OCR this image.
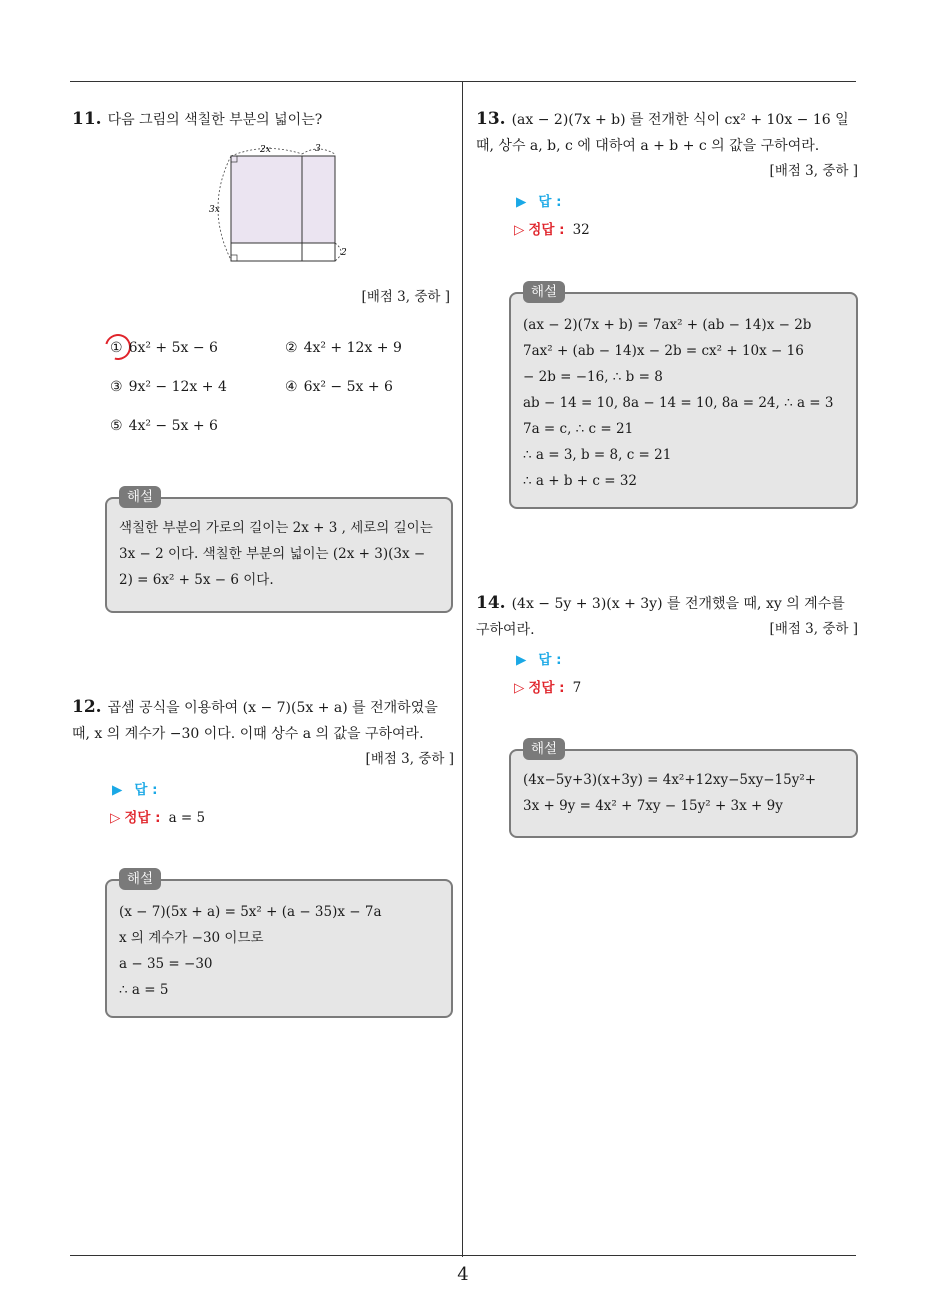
11. 다음 그림의 색칠한 부분의 넓이는?
2x	3
3x
2
[배점 3, 중하 ]
① 6x² + 5x − 6	② 4x² + 12x + 9
③ 9x² − 12x + 4	④ 6x² − 5x + 6
⑤ 4x² − 5x + 6
해설
색칠한 부분의 가로의 길이는 2x + 3 , 세로의 길이는 3x − 2 이다. 색칠한 부분의 넓이는 (2x + 3)(3x − 2) = 6x² + 5x − 6 이다.
12. 곱셈 공식을 이용하여 (x − 7)(5x + a) 를 전개하였을 때, x 의 계수가 −30 이다. 이때 상수 a 의 값을 구하여라.
[배점 3, 중하 ]
▶ 답 :
▷ 정답 : a = 5
해설
(x − 7)(5x + a) = 5x² + (a − 35)x − 7a
x 의 계수가 −30 이므로
a − 35 = −30
∴ a = 5
13. (ax − 2)(7x + b) 를 전개한 식이 cx² + 10x − 16 일 때, 상수 a, b, c 에 대하여 a + b + c 의 값을 구하여라.
[배점 3, 중하 ]
▶ 답 :
▷ 정답 : 32
해설
(ax − 2)(7x + b) = 7ax² + (ab − 14)x − 2b
7ax² + (ab − 14)x − 2b = cx² + 10x − 16
− 2b = −16, ∴ b = 8
ab − 14 = 10, 8a − 14 = 10, 8a = 24, ∴ a = 3
7a = c, ∴ c = 21
∴ a = 3, b = 8, c = 21
∴ a + b + c = 32
14. (4x − 5y + 3)(x + 3y) 를 전개했을 때, xy 의 계수를 구하여라.	[배점 3, 중하 ]
▶ 답 :
▷ 정답 : 7
해설
(4x−5y+3)(x+3y) = 4x²+12xy−5xy−15y²+
3x + 9y = 4x² + 7xy − 15y² + 3x + 9y
4
